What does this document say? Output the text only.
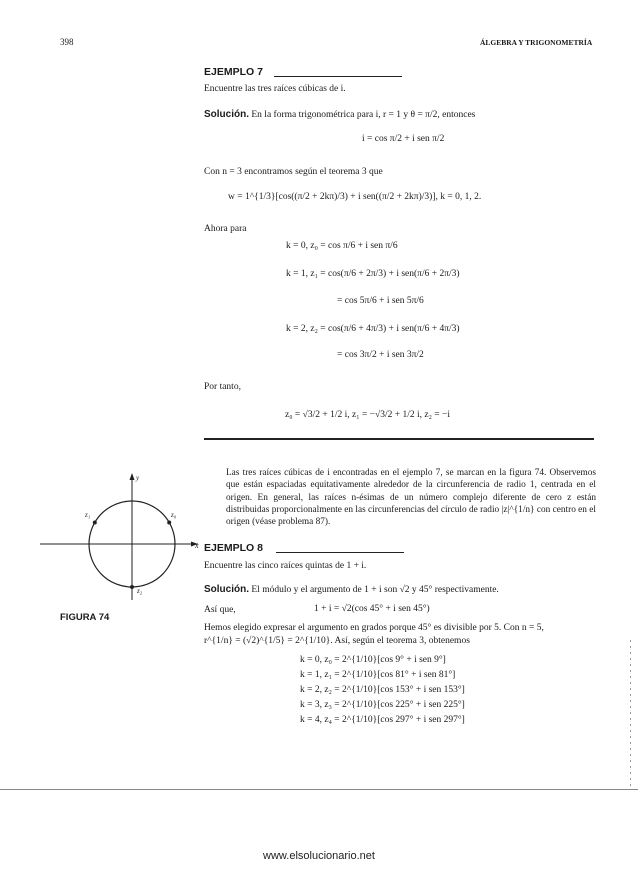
398	ÁLGEBRA Y TRIGONOMETRÍA
EJEMPLO 7
Encuentre las tres raíces cúbicas de i.
Solución. En la forma trigonométrica para i, r = 1 y θ = π/2, entonces
i = cos π/2 + i sen π/2
Con n = 3 encontramos según el teorema 3 que
w = 1^{1/3}[cos((π/2 + 2kπ)/3) + i sen((π/2 + 2kπ)/3)], k = 0, 1, 2.
Ahora para
k = 0, z₀ = cos π/6 + i sen π/6
k = 1, z₁ = cos(π/6 + 2π/3) + i sen(π/6 + 2π/3)
= cos 5π/6 + i sen 5π/6
k = 2, z₂ = cos(π/6 + 4π/3) + i sen(π/6 + 4π/3)
= cos 3π/2 + i sen 3π/2
Por tanto,
z₀ = √3/2 + 1/2 i, z₁ = −√3/2 + 1/2 i, z₂ = −i
Las tres raíces cúbicas de i encontradas en el ejemplo 7, se marcan en la figura 74. Observemos que están espaciadas equitativamente alrededor de la circunferencia de radio 1, centrada en el origen. En general, las raíces n-ésimas de un número complejo diferente de cero z están distribuidas proporcionalmente en las circunferencias del círculo de radio |z|^{1/n} con centro en el origen (véase problema 87).
y
x
z₀
z₁
z₂
FIGURA 74
EJEMPLO 8
Encuentre las cinco raíces quintas de 1 + i.
Solución. El módulo y el argumento de 1 + i son √2 y 45° respectivamente.
Así que,	1 + i = √2(cos 45° + i sen 45°)
Hemos elegido expresar el argumento en grados porque 45° es divisible por 5. Con n = 5,
r^{1/n} = (√2)^{1/5} = 2^{1/10}. Así, según el teorema 3, obtenemos
k = 0, z₀ = 2^{1/10}[cos 9° + i sen 9°]
k = 1, z₁ = 2^{1/10}[cos 81° + i sen 81°]
k = 2, z₂ = 2^{1/10}[cos 153° + i sen 153°]
k = 3, z₃ = 2^{1/10}[cos 225° + i sen 225°]
k = 4, z₄ = 2^{1/10}[cos 297° + i sen 297°]
www.elsolucionario.net
